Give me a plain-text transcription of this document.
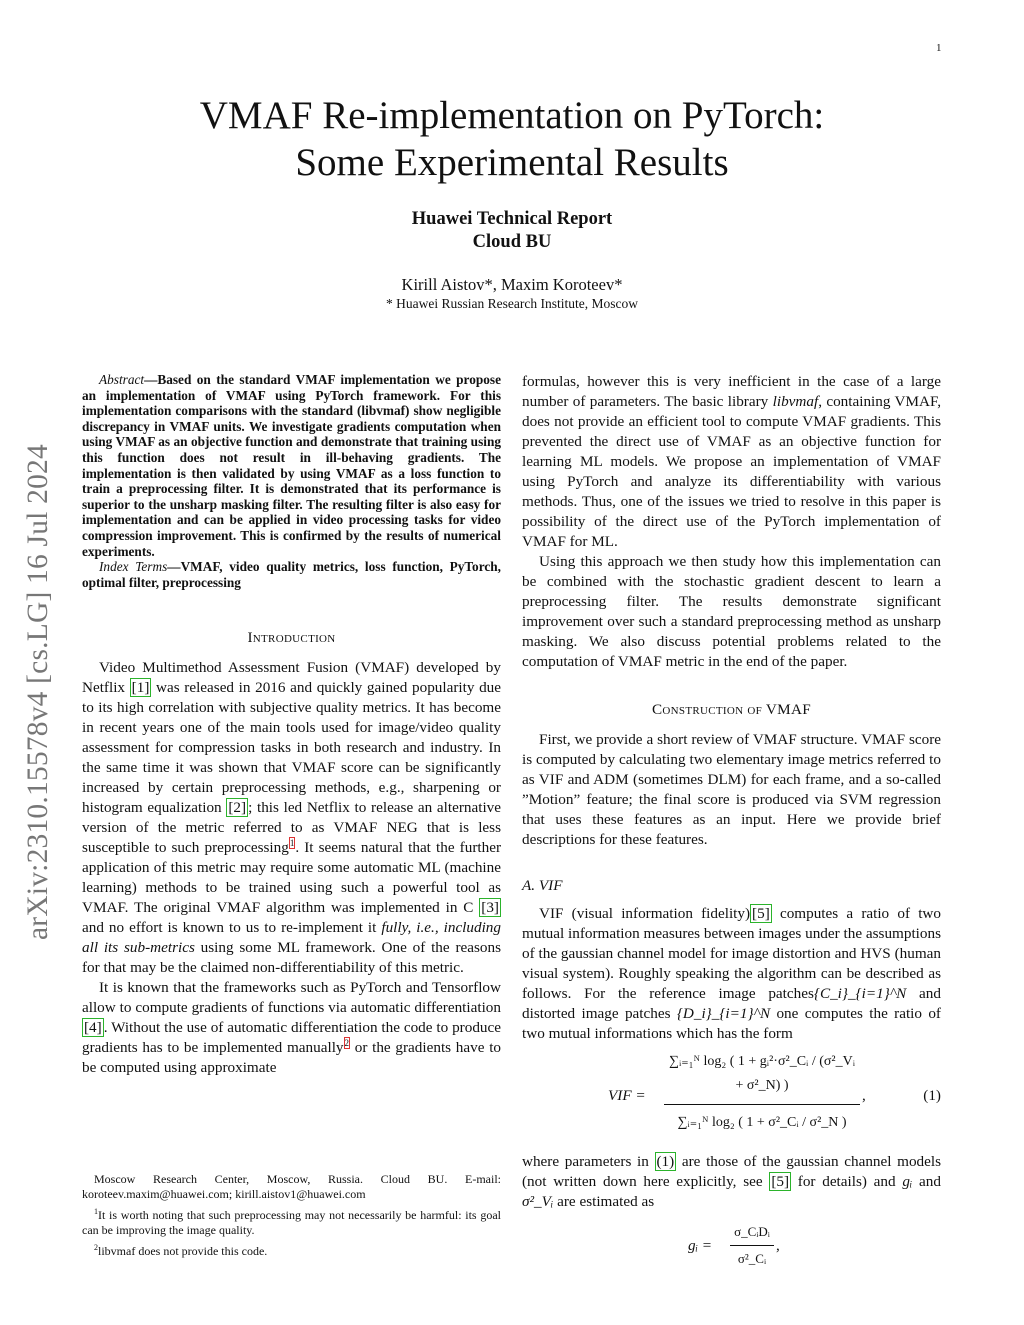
1
arXiv:2310.15578v4 [cs.LG] 16 Jul 2024
VMAF Re-implementation on PyTorch:
Some Experimental Results
Huawei Technical Report
Cloud BU
Kirill Aistov*, Maxim Koroteev*
* Huawei Russian Research Institute, Moscow

Abstract—Based on the standard VMAF implementation we propose an implementation of VMAF using PyTorch framework. For this implementation comparisons with the standard (libvmaf) show negligible discrepancy in VMAF units. We investigate gradients computation when using VMAF as an objective function and demonstrate that training using this function does not result in ill-behaving gradients. The implementation is then validated by using VMAF as a loss function to train a preprocessing filter. It is demonstrated that its performance is superior to the unsharp masking filter. The resulting filter is also easy for implementation and can be applied in video processing tasks for video compression improvement. This is confirmed by the results of numerical experiments.

Index Terms—VMAF, video quality metrics, loss function, PyTorch, optimal filter, preprocessing

Introduction

Video Multimethod Assessment Fusion (VMAF) developed by Netflix [1] was released in 2016 and quickly gained popularity due to its high correlation with subjective quality metrics. It has become in recent years one of the main tools used for image/video quality assessment for compression tasks in both research and industry. In the same time it was shown that VMAF score can be significantly increased by certain preprocessing methods, e.g., sharpening or histogram equalization [2] ; this led Netflix to release an alternative version of the metric referred to as VMAF NEG that is less susceptible to such preprocessing$^1$. It seems natural that the further application of this metric may require some automatic ML (machine learning) methods to be trained using such a powerful tool as VMAF. The original VMAF algorithm was implemented in C [3] and no effort is known to us to re-implement it fully, i.e., including all its sub-metrics using some ML framework. One of the reasons for that may be the claimed non-differentiability of this metric.

It is known that the frameworks such as PyTorch and Tensorflow allow to compute gradients of functions via automatic differentiation [4] . Without the use of automatic differentiation the code to produce gradients has to be implemented manually$^2$ or the gradients have to be computed using approximate

formulas, however this is very inefficient in the case of a large number of parameters. The basic library libvmaf, containing VMAF, does not provide an efficient tool to compute VMAF gradients. This prevented the direct use of VMAF as an objective function for learning ML models. We propose an implementation of VMAF using PyTorch and analyze its differentiability with various methods. Thus, one of the issues we tried to resolve in this paper is possibility of the direct use of the PyTorch implementation of VMAF for ML.

Using this approach we then study how this implementation can be combined with the stochastic gradient descent to learn a preprocessing filter. The results demonstrate significant improvement over such a standard preprocessing method as unsharp masking. We also discuss potential problems related to the computation of VMAF metric in the end of the paper.

Construction of VMAF

First, we provide a short review of VMAF structure. VMAF score is computed by calculating two elementary image metrics referred to as VIF and ADM (sometimes DLM) for each frame, and a so-called ”Motion” feature; the final score is produced via SVM regression that uses these features as an input. Here we provide brief descriptions for these features.

A. VIF

VIF (visual information fidelity) [5] computes a ratio of two mutual information measures between images under the assumptions of the gaussian channel model for image distortion and HVS (human visual system). Roughly speaking the algorithm can be described as follows. For the reference image patches{C_i}_{i=1}^N and distorted image patches {D_i}_{i=1}^N one computes the ratio of two mutual informations which has the form

VIF =
∑ᵢ₌₁ᴺ log₂ ( 1 + gᵢ²·σ²_Cᵢ / (σ²_Vᵢ + σ²_N) )
∑ᵢ₌₁ᴺ log₂ ( 1 + σ²_Cᵢ / σ²_N )
,	(1)

where parameters in (1) are those of the gaussian channel models (not written down here explicitly, see [5] for details) and gᵢ and σ²_Vᵢ are estimated as

gᵢ =
σ_CᵢDᵢ
σ²_Cᵢ
,

Moscow Research Center, Moscow, Russia. Cloud BU. E-mail: koroteev.maxim@huawei.com; kirill.aistov1@huawei.com

$^1$It is worth noting that such preprocessing may not necessarily be harmful: its goal can be improving the image quality.

$^2$libvmaf does not provide this code.
